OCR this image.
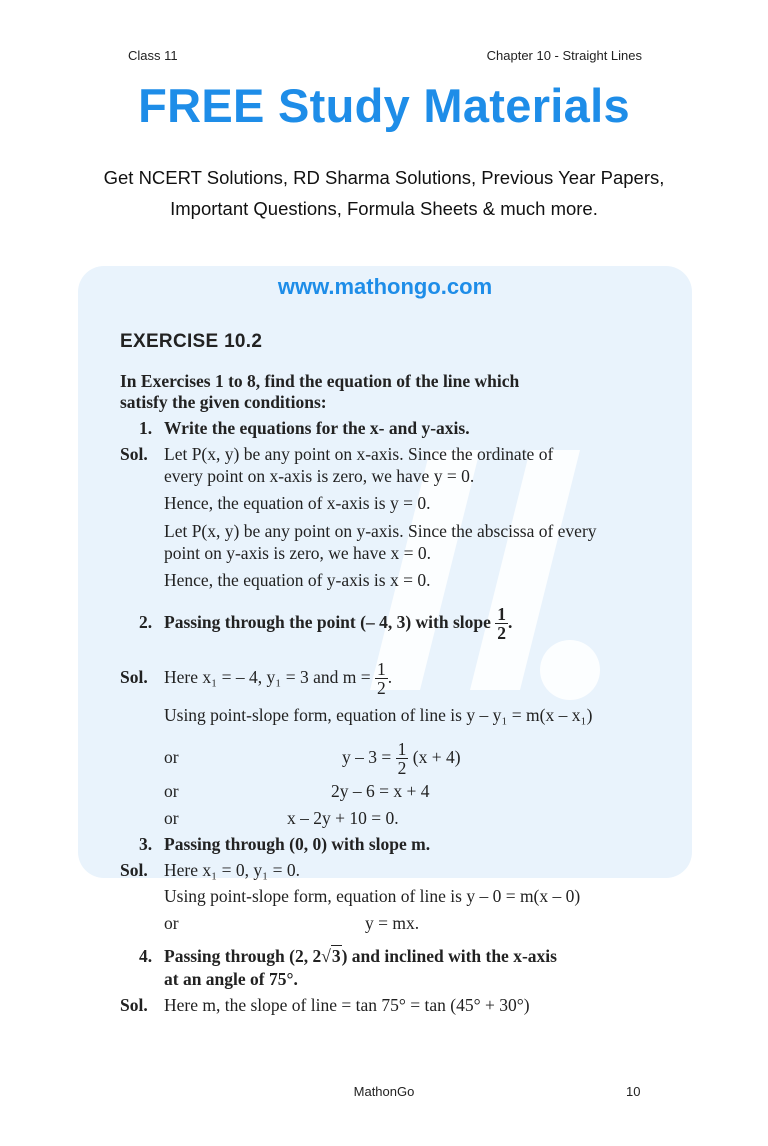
Class 11	Chapter 10 - Straight Lines
FREE Study Materials
Get NCERT Solutions, RD Sharma Solutions, Previous Year Papers,
Important Questions, Formula Sheets & much more.
www.mathongo.com
EXERCISE 10.2
In Exercises 1 to 8, find the equation of the line which
satisfy the given conditions:
1. Write the equations for the x- and y-axis.
Sol. Let P(x, y) be any point on x-axis. Since the ordinate of
every point on x-axis is zero, we have y = 0.
Hence, the equation of x-axis is y = 0.
Let P(x, y) be any point on y-axis. Since the abscissa of every
point on y-axis is zero, we have x = 0.
Hence, the equation of y-axis is x = 0.
2. Passing through the point (– 4, 3) with slope $\frac{1}{2}$ .
Sol. Here x₁ = – 4, y₁ = 3 and $m = \frac{1}{2}$ .
Using point-slope form, equation of line is y – y₁ = m(x – x₁)
or	$y - 3 = \frac{1}{2} (x + 4)$
or	2y – 6 = x + 4
or	x – 2y + 10 = 0.
3. Passing through (0, 0) with slope m.
Sol. Here x₁ = 0, y₁ = 0.
Using point-slope form, equation of line is y – 0 = m(x – 0)
or	y = mx.
4. Passing through (2, 2√3) and inclined with the x-axis
at an angle of 75°.
Sol. Here m, the slope of line = tan 75° = tan (45° + 30°)
MathonGo	10
